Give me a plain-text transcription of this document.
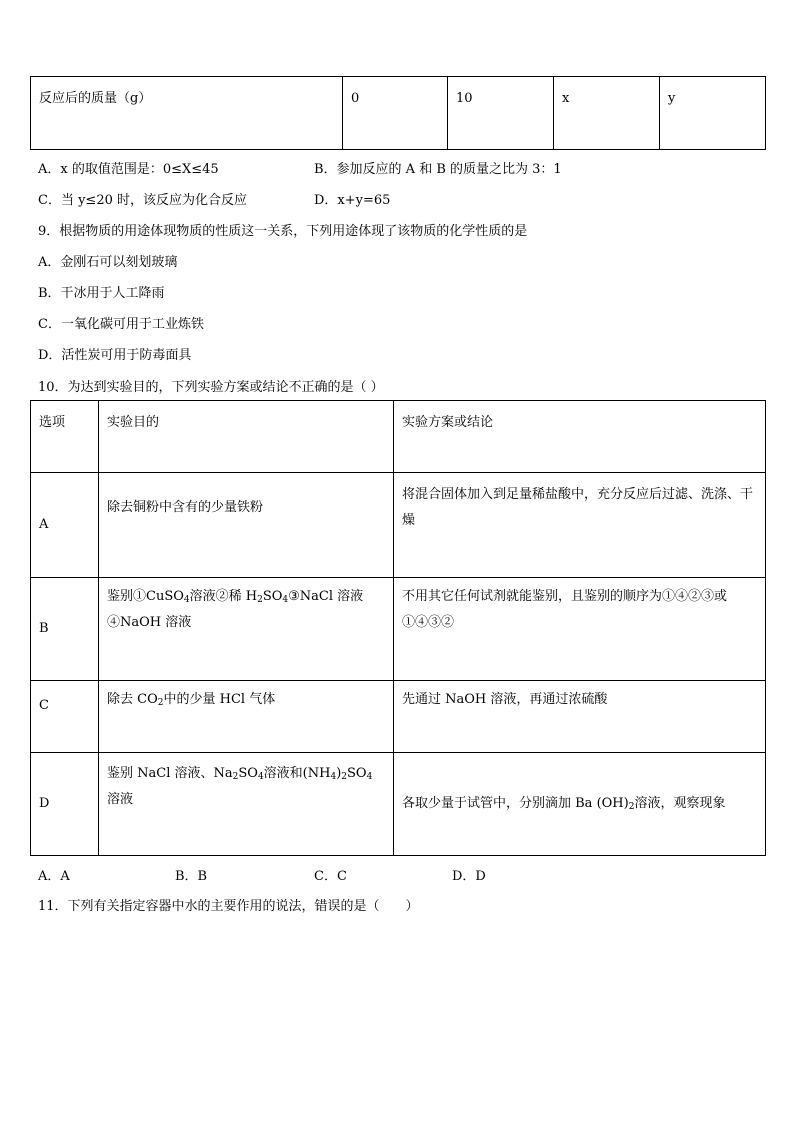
反应后的质量（g）	0	10	x	y
A．x 的取值范围是：0≤X≤45	B．参加反应的 A 和 B 的质量之比为 3：1
C．当 y≤20 时，该反应为化合反应	D．x+y=65
9．根据物质的用途体现物质的性质这一关系，下列用途体现了该物质的化学性质的是
A．金刚石可以刻划玻璃
B．干冰用于人工降雨
C．一氧化碳可用于工业炼铁
D．活性炭可用于防毒面具
10．为达到实验目的，下列实验方案或结论不正确的是（ ）
选项	实验目的	实验方案或结论

A	除去铜粉中含有的少量铁粉	将混合固体加入到足量稀盐酸中，充分反应后过滤、洗涤、干燥

B	鉴别①CuSO$_4$溶液②稀 $H_2SO_4③NaCl$ 溶液④NaOH 溶液	不用其它任何试剂就能鉴别，且鉴别的顺序为①④②③或①④③②

C	除去 $CO_2$中的少量 HCl 气体	先通过 NaOH 溶液，再通过浓硫酸

D	鉴别 NaCl 溶液、$Na_2SO_4$溶液和$(NH_4)_2SO_4$溶液	各取少量于试管中，分别滴加 Ba $(OH)_2$溶液，观察现象
A．A	B．B	C．C	D．D
11．下列有关指定容器中水的主要作用的说法，错误的是（　　）
